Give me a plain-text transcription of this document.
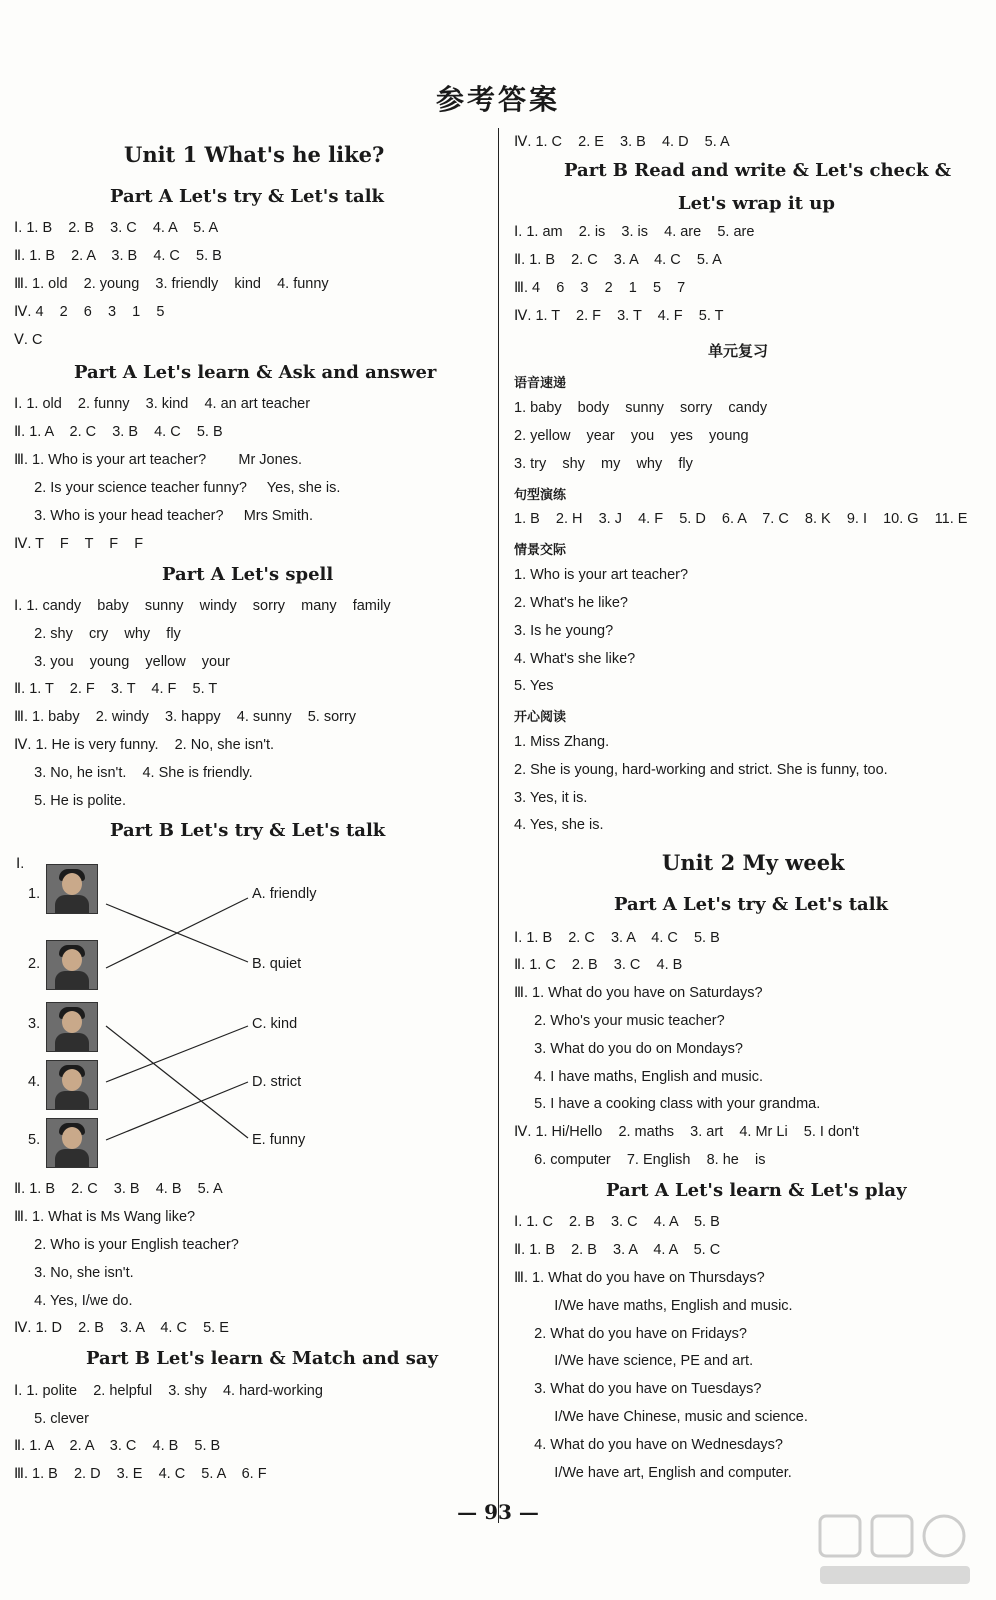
参考答案
Unit 1 What's he like?
Part A Let's try & Let's talk
Ⅰ. 1. B    2. B    3. C    4. A    5. A
Ⅱ. 1. B    2. A    3. B    4. C    5. B
Ⅲ. 1. old    2. young    3. friendly    kind    4. funny
Ⅳ. 4    2    6    3    1    5
Ⅴ. C
Part A Let's learn & Ask and answer
Ⅰ. 1. old    2. funny    3. kind    4. an art teacher
Ⅱ. 1. A    2. C    3. B    4. C    5. B
Ⅲ. 1. Who is your art teacher?        Mr Jones.
2. Is your science teacher funny?     Yes, she is.
3. Who is your head teacher?     Mrs Smith.
Ⅳ. T    F    T    F    F
Part A Let's spell
Ⅰ. 1. candy    baby    sunny    windy    sorry    many    family
2. shy    cry    why    fly
3. you    young    yellow    your
Ⅱ. 1. T    2. F    3. T    4. F    5. T
Ⅲ. 1. baby    2. windy    3. happy    4. sunny    5. sorry
Ⅳ. 1. He is very funny.    2. No, she isn't.
3. No, he isn't.    4. She is friendly.
5. He is polite.
Part B Let's try & Let's talk
Ⅰ.
1.
2.
3.
4.
5.
A. friendly
B. quiet
C. kind
D. strict
E. funny
Ⅱ. 1. B    2. C    3. B    4. B    5. A
Ⅲ. 1. What is Ms Wang like?
2. Who is your English teacher?
3. No, she isn't.
4. Yes, I/we do.
Ⅳ. 1. D    2. B    3. A    4. C    5. E
Part B Let's learn & Match and say
Ⅰ. 1. polite    2. helpful    3. shy    4. hard-working
5. clever
Ⅱ. 1. A    2. A    3. C    4. B    5. B
Ⅲ. 1. B    2. D    3. E    4. C    5. A    6. F
Ⅳ. 1. C    2. E    3. B    4. D    5. A
Part B Read and write & Let's check &
Let's wrap it up
Ⅰ. 1. am    2. is    3. is    4. are    5. are
Ⅱ. 1. B    2. C    3. A    4. C    5. A
Ⅲ. 4    6    3    2    1    5    7
Ⅳ. 1. T    2. F    3. T    4. F    5. T
单元复习
语音速递
1. baby    body    sunny    sorry    candy
2. yellow    year    you    yes    young
3. try    shy    my    why    fly
句型演练
1. B    2. H    3. J    4. F    5. D    6. A    7. C    8. K    9. I    10. G    11. E
情景交际
1. Who is your art teacher?
2. What's he like?
3. Is he young?
4. What's she like?
5. Yes
开心阅读
1. Miss Zhang.
2. She is young, hard-working and strict. She is funny, too.
3. Yes, it is.
4. Yes, she is.
Unit 2 My week
Part A Let's try & Let's talk
Ⅰ. 1. B    2. C    3. A    4. C    5. B
Ⅱ. 1. C    2. B    3. C    4. B
Ⅲ. 1. What do you have on Saturdays?
2. Who's your music teacher?
3. What do you do on Mondays?
4. I have maths, English and music.
5. I have a cooking class with your grandma.
Ⅳ. 1. Hi/Hello    2. maths    3. art    4. Mr Li    5. I don't
6. computer    7. English    8. he    is
Part A Let's learn & Let's play
Ⅰ. 1. C    2. B    3. C    4. A    5. B
Ⅱ. 1. B    2. B    3. A    4. A    5. C
Ⅲ. 1. What do you have on Thursdays?
I/We have maths, English and music.
2. What do you have on Fridays?
I/We have science, PE and art.
3. What do you have on Tuesdays?
I/We have Chinese, music and science.
4. What do you have on Wednesdays?
I/We have art, English and computer.
— 93 —
